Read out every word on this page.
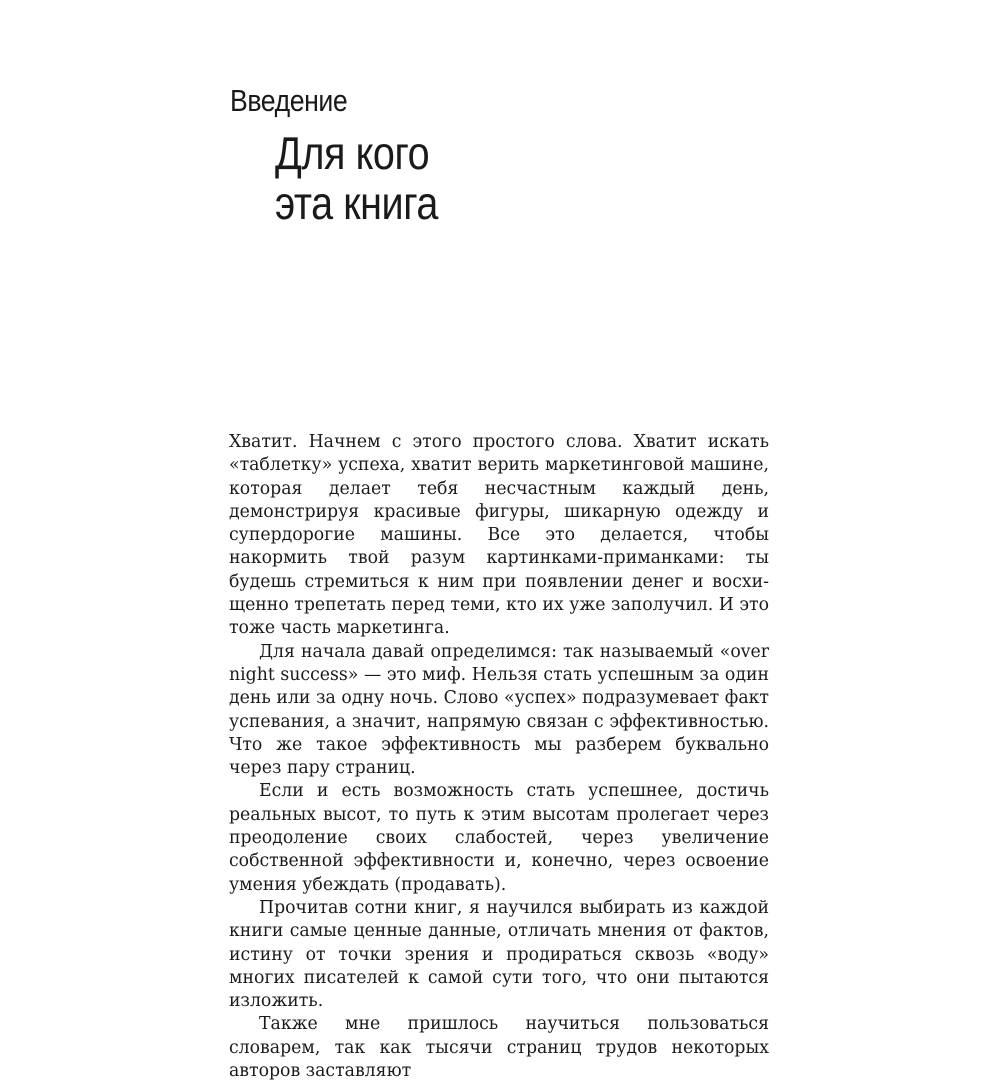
Введение
Для кого
эта книга

Хватит. Начнем с этого простого слова. Хватит искать «таблетку» успеха, хватит верить маркетинговой машине, которая делает тебя несчастным каждый день, демонстрируя красивые фигуры, шикарную одежду и супердорогие машины. Все это делается, чтобы накормить твой разум картинками-приманками: ты будешь стремиться к ним при появлении денег и восхищенно трепетать перед теми, кто их уже заполучил. И это тоже часть маркетинга.

Для начала давай определимся: так называемый «over night success» — это миф. Нельзя стать успешным за один день или за одну ночь. Слово «успех» подразумевает факт успевания, а значит, напрямую связан с эффективностью. Что же такое эффективность мы разберем буквально через пару страниц.

Если и есть возможность стать успешнее, достичь реальных высот, то путь к этим высотам пролегает через преодоление своих слабостей, через увеличение собственной эффективности и, конечно, через освоение умения убеждать (продавать).

Прочитав сотни книг, я научился выбирать из каждой книги самые ценные данные, отличать мнения от фактов, истину от точки зрения и продираться сквозь «воду» многих писателей к самой сути того, что они пытаются изложить.

Также мне пришлось научиться пользоваться словарем, так как тысячи страниц трудов некоторых авторов заставляют
